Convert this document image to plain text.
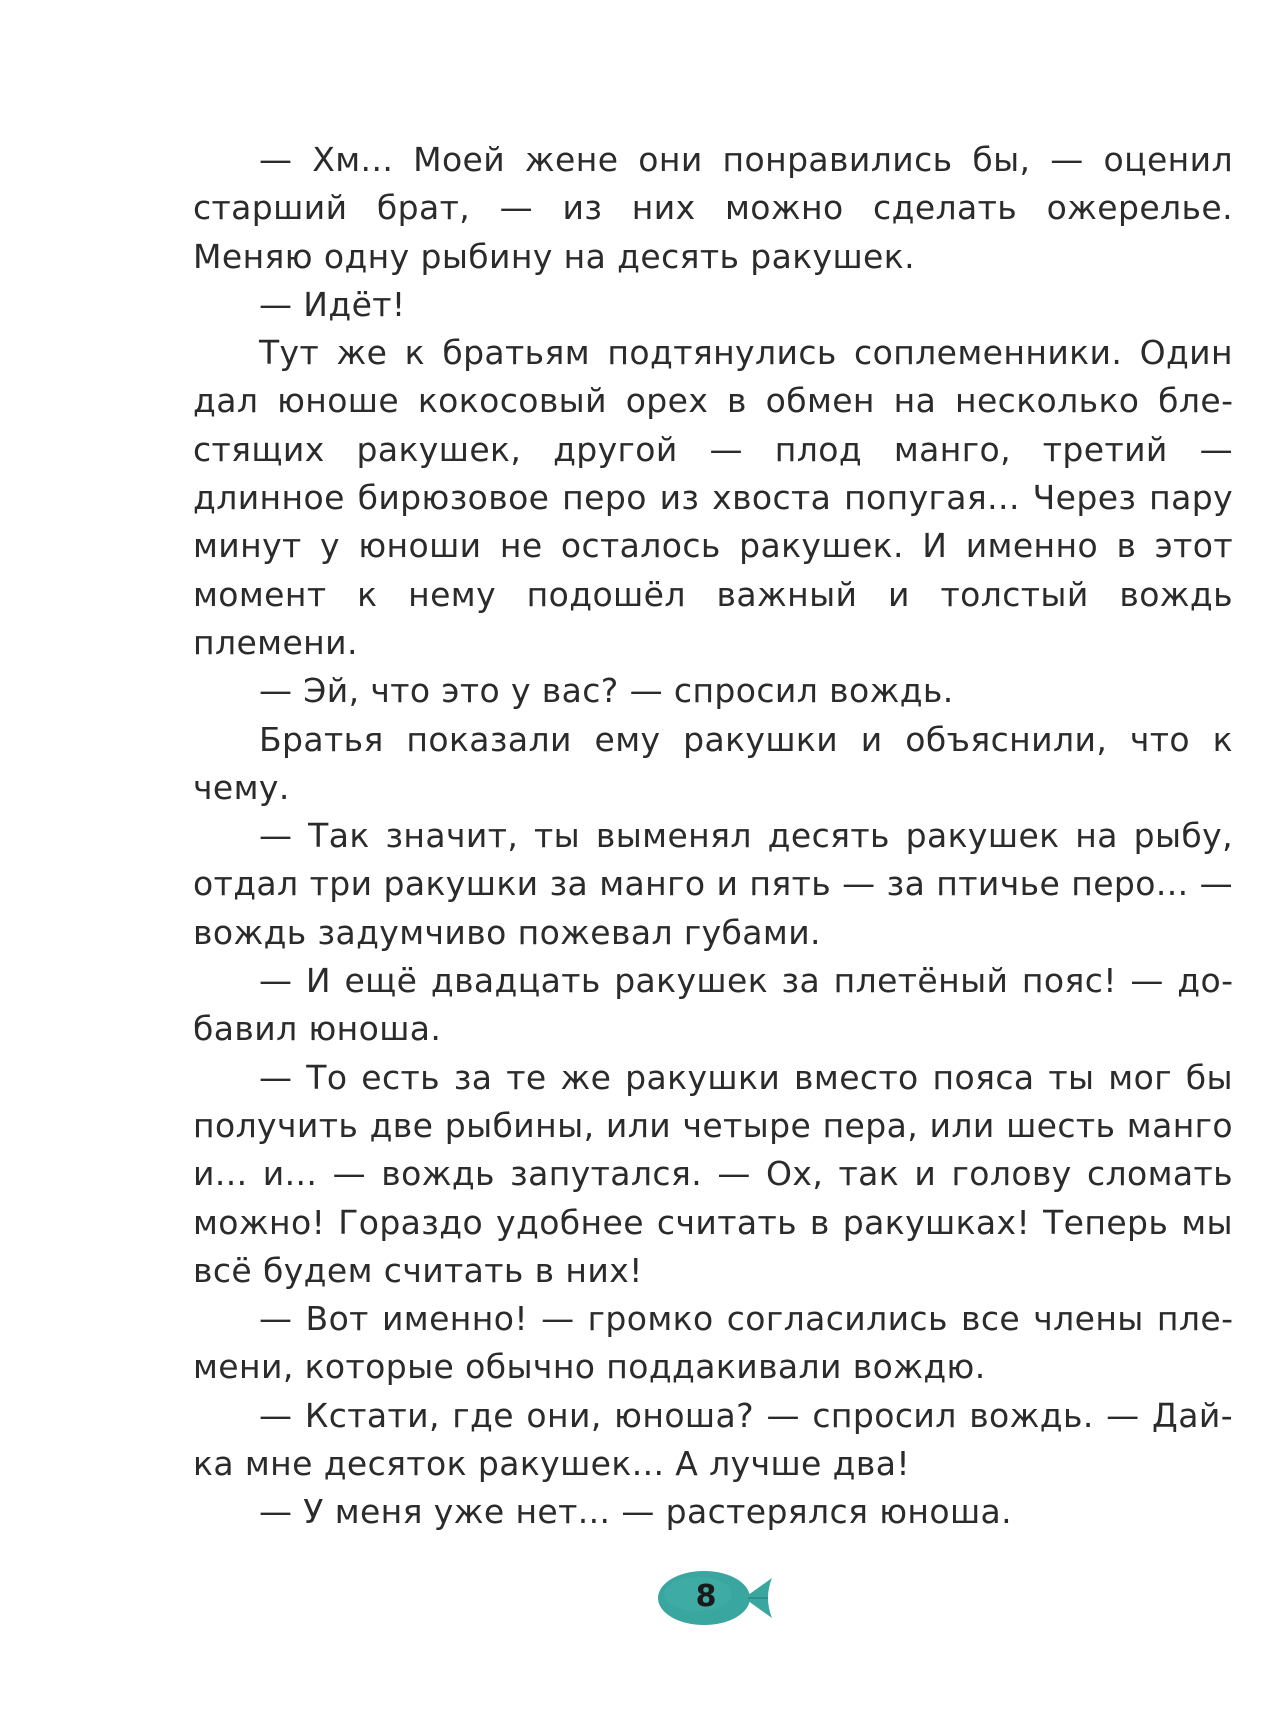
— Хм... Моей жене они понравились бы, — оценил старший брат, — из них можно сделать ожерелье. Меняю одну рыбину на десять ракушек.

— Идёт!

Тут же к братьям подтянулись соплеменники. Один дал юноше кокосовый орех в обмен на несколько блестящих ракушек, другой — плод манго, третий — длинное бирюзовое перо из хвоста попугая... Через пару минут у юноши не осталось ракушек. И именно в этот момент к нему подошёл важный и толстый вождь племени.

— Эй, что это у вас? — спросил вождь.

Братья показали ему ракушки и объяснили, что к чему.

— Так значит, ты выменял десять ракушек на рыбу, отдал три ракушки за манго и пять — за птичье перо... — вождь задумчиво пожевал губами.

— И ещё двадцать ракушек за плетёный пояс! — добавил юноша.

— То есть за те же ракушки вместо пояса ты мог бы получить две рыбины, или четыре пера, или шесть манго и... и... — вождь запутался. — Ох, так и голову сломать можно! Гораздо удобнее считать в ракушках! Теперь мы всё будем считать в них!

— Вот именно! — громко согласились все члены племени, которые обычно поддакивали вождю.

— Кстати, где они, юноша? — спросил вождь. — Дай-ка мне десяток ракушек... А лучше два!

— У меня уже нет... — растерялся юноша.

8
